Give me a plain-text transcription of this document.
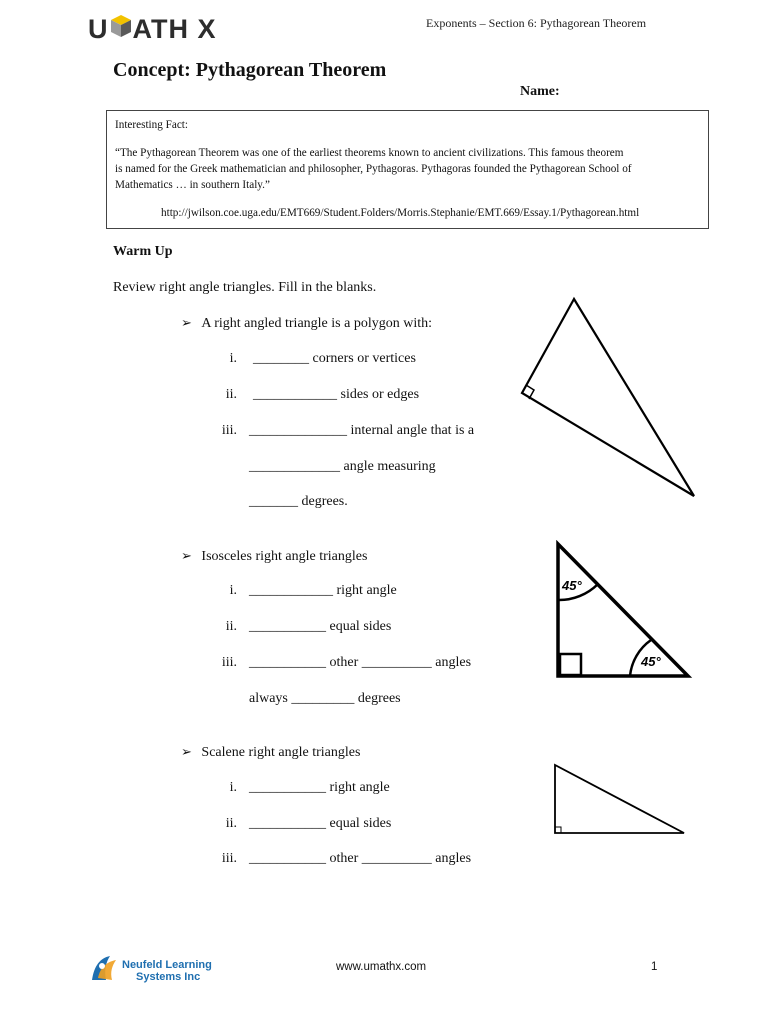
U ATH X	Exponents – Section 6: Pythagorean Theorem
Concept: Pythagorean Theorem
Name:
Interesting Fact:
“The Pythagorean Theorem was one of the earliest theorems known to ancient civilizations. This famous theorem
is named for the Greek mathematician and philosopher, Pythagoras. Pythagoras founded the Pythagorean School of
Mathematics … in southern Italy.”
http://jwilson.coe.uga.edu/EMT669/Student.Folders/Morris.Stephanie/EMT.669/Essay.1/Pythagorean.html
Warm Up
Review right angle triangles. Fill in the blanks.
➢ A right angled triangle is a polygon with:
i. ________ corners or vertices
ii. ____________ sides or edges
iii. ______________ internal angle that is a
_____________ angle measuring
_______ degrees.
➢ Isosceles right angle triangles
i. ____________ right angle
ii. ___________ equal sides
iii. ___________ other __________ angles
always _________ degrees
45°
45°
➢ Scalene right angle triangles
i. ___________ right angle
ii. ___________ equal sides
iii. ___________ other __________ angles
Neufeld Learning
Systems Inc
www.umathx.com	1
